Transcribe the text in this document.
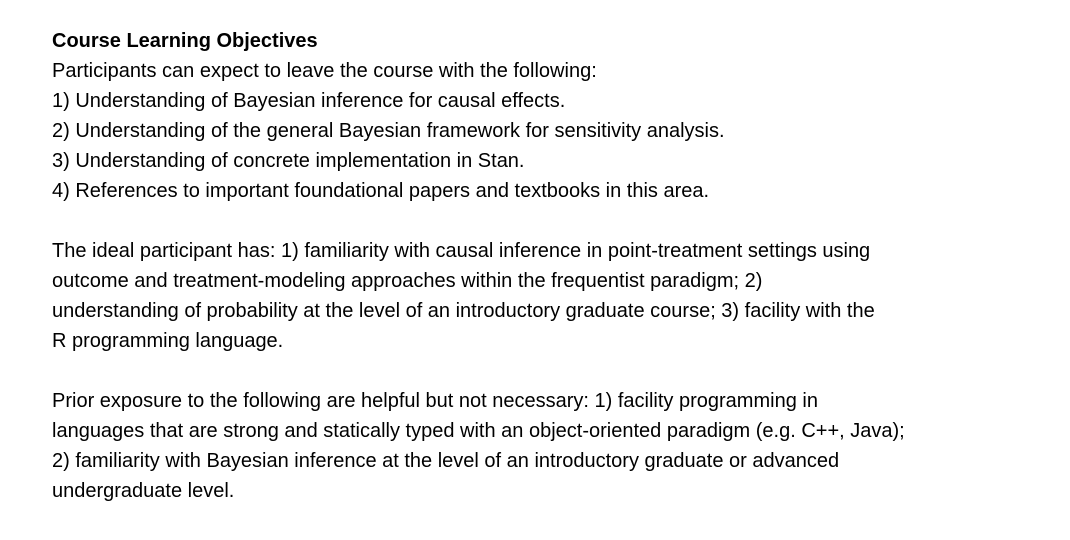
Course Learning Objectives

Participants can expect to leave the course with the following:

1) Understanding of Bayesian inference for causal effects.

2) Understanding of the general Bayesian framework for sensitivity analysis.

3) Understanding of concrete implementation in Stan.

4) References to important foundational papers and textbooks in this area.

The ideal participant has: 1) familiarity with causal inference in point-treatment settings using

outcome and treatment-modeling approaches within the frequentist paradigm; 2)

understanding of probability at the level of an introductory graduate course; 3) facility with the

R programming language.

Prior exposure to the following are helpful but not necessary: 1) facility programming in

languages that are strong and statically typed with an object-oriented paradigm (e.g. C++, Java);

2) familiarity with Bayesian inference at the level of an introductory graduate or advanced

undergraduate level.
